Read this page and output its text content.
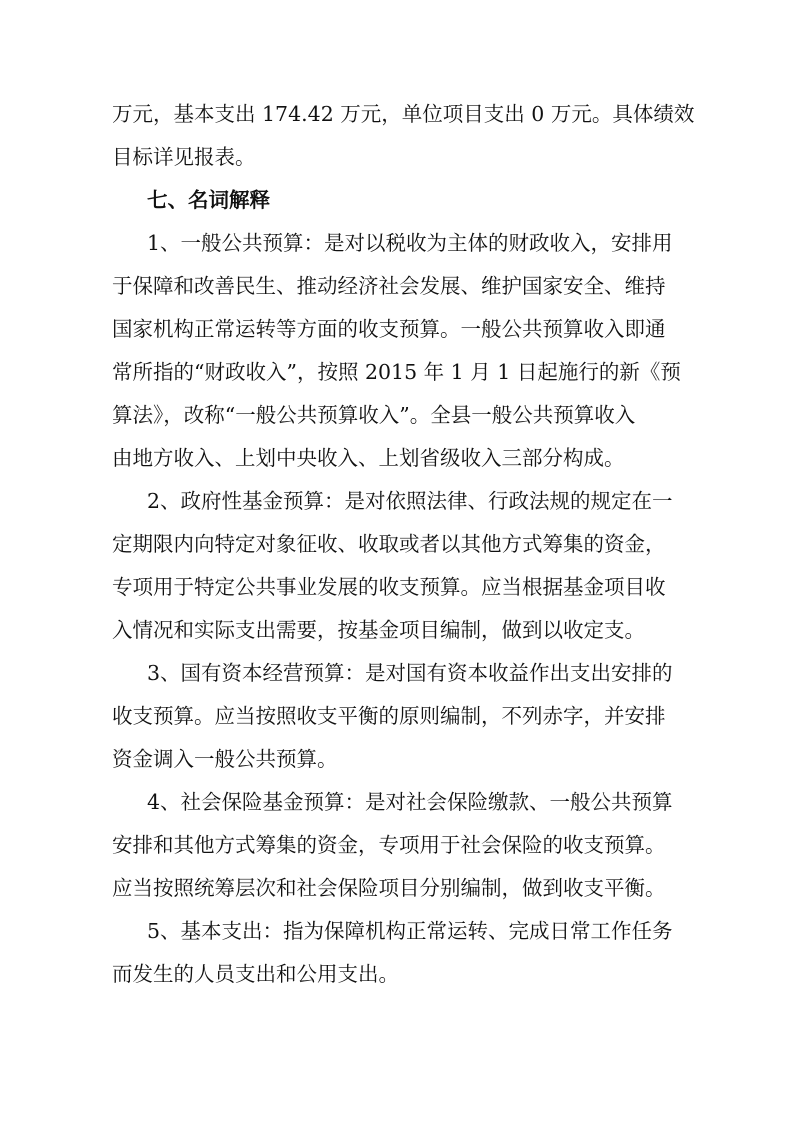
万元，基本支出 174.42 万元，单位项目支出 0 万元。具体绩效
目标详见报表。
七、名词解释
1、一般公共预算：是对以税收为主体的财政收入，安排用
于保障和改善民生、推动经济社会发展、维护国家安全、维持
国家机构正常运转等方面的收支预算。一般公共预算收入即通
常所指的“财政收入”，按照 2015 年 1 月 1 日起施行的新《预
算法》，改称“一般公共预算收入”。全县一般公共预算收入
由地方收入、上划中央收入、上划省级收入三部分构成。
2、政府性基金预算：是对依照法律、行政法规的规定在一
定期限内向特定对象征收、收取或者以其他方式筹集的资金，
专项用于特定公共事业发展的收支预算。应当根据基金项目收
入情况和实际支出需要，按基金项目编制，做到以收定支。
3、国有资本经营预算：是对国有资本收益作出支出安排的
收支预算。应当按照收支平衡的原则编制，不列赤字，并安排
资金调入一般公共预算。
4、社会保险基金预算：是对社会保险缴款、一般公共预算
安排和其他方式筹集的资金，专项用于社会保险的收支预算。
应当按照统筹层次和社会保险项目分别编制，做到收支平衡。
5、基本支出：指为保障机构正常运转、完成日常工作任务
而发生的人员支出和公用支出。
